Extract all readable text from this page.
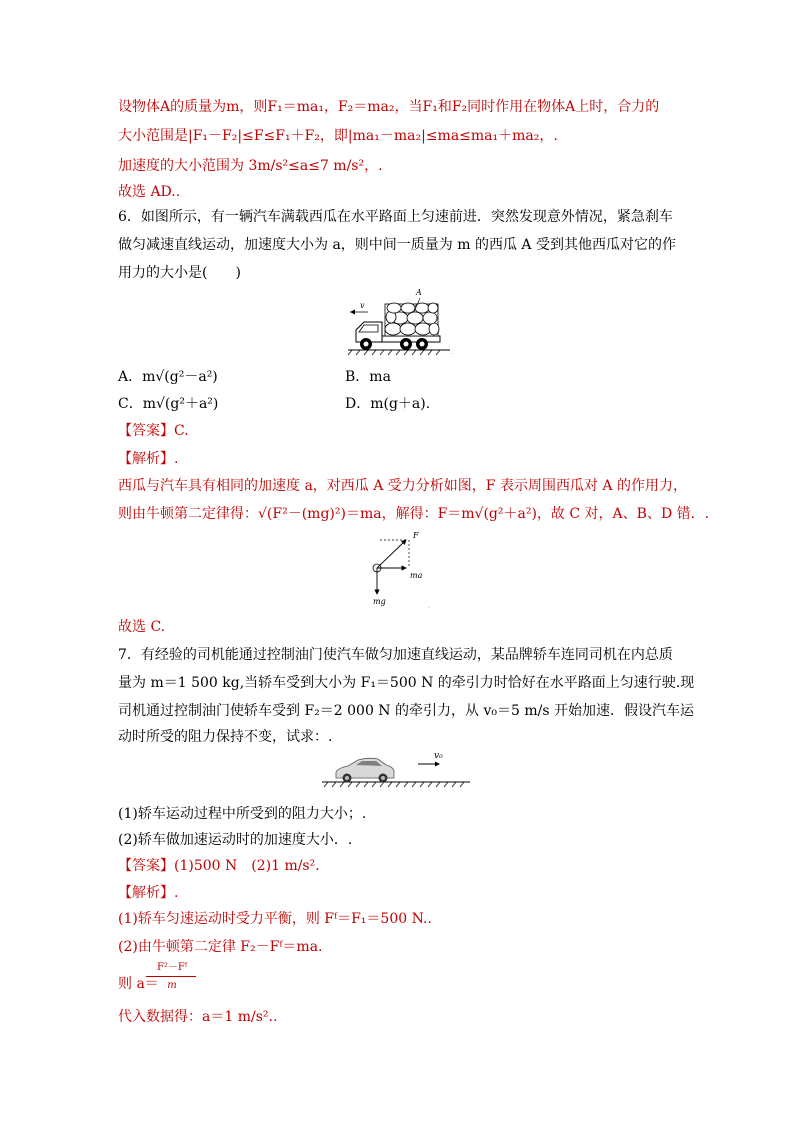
设物体A的质量为m，则F₁＝ma₁，F₂＝ma₂，当F₁和F₂同时作用在物体A上时，合力的
大小范围是|F₁－F₂|≤F≤F₁＋F₂，即|ma₁－ma₂|≤ma≤ma₁＋ma₂，.
加速度的大小范围为 3m/s²≤a≤7 m/s²，.
故选 AD..
6．如图所示，有一辆汽车满载西瓜在水平路面上匀速前进．突然发现意外情况，紧急刹车
做匀减速直线运动，加速度大小为 a，则中间一质量为 m 的西瓜 A 受到其他西瓜对它的作
用力的大小是(　　)
v
A
.
A．m√(g²－a²)	B．ma
C．m√(g²＋a²)	D．m(g＋a).
【答案】C.
【解析】.
西瓜与汽车具有相同的加速度 a，对西瓜 A 受力分析如图，F 表示周围西瓜对 A 的作用力，
则由牛顿第二定律得：√(F²－(mg)²)＝ma，解得：F＝m√(g²＋a²)，故 C 对，A、B、D 错．.
F
ma
mg
.
故选 C.
7．有经验的司机能通过控制油门使汽车做匀加速直线运动，某品牌轿车连同司机在内总质
量为 m＝1 500 kg,当轿车受到大小为 F₁＝500 N 的牵引力时恰好在水平路面上匀速行驶.现
司机通过控制油门使轿车受到 F₂＝2 000 N 的牵引力，从 v₀＝5 m/s 开始加速．假设汽车运
动时所受的阻力保持不变，试求：.
v₀
(1)轿车运动过程中所受到的阻力大小；.
(2)轿车做加速运动时的加速度大小．.
【答案】(1)500 N　(2)1 m/s².
【解析】.
(1)轿车匀速运动时受力平衡，则 Fᶠ＝F₁＝500 N..
(2)由牛顿第二定律 F₂－Fᶠ＝ma.
则 a＝
F²－Fᶠ
m
代入数据得：a＝1 m/s²..
